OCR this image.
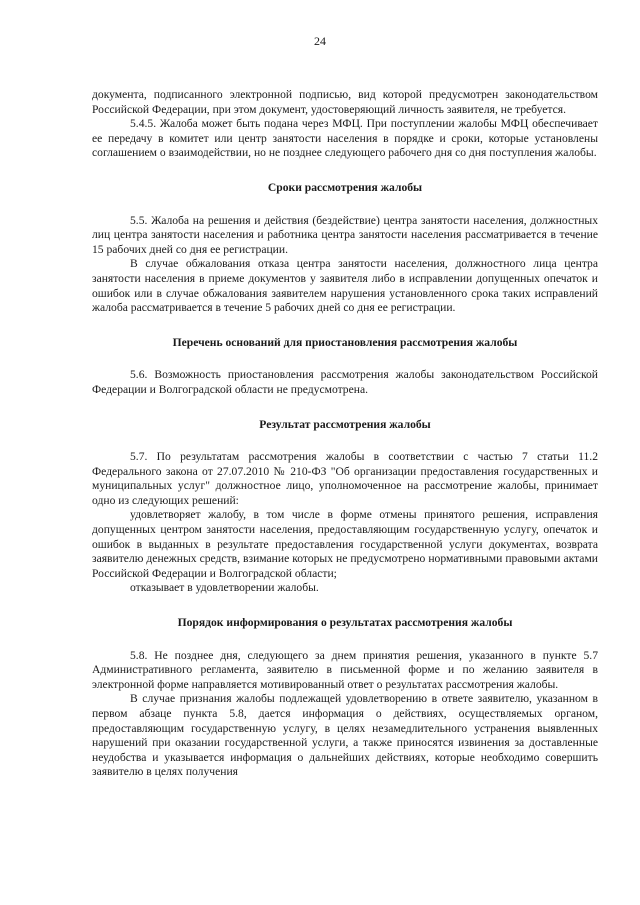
24

документа, подписанного электронной подписью, вид которой предусмотрен законодательством Российской Федерации, при этом документ, удостоверяющий личность заявителя, не требуется.

5.4.5. Жалоба может быть подана через МФЦ. При поступлении жалобы МФЦ обеспечивает ее передачу в комитет или центр занятости населения в порядке и сроки, которые установлены соглашением о взаимодействии, но не позднее следующего рабочего дня со дня поступления жалобы.

Сроки рассмотрения жалобы

5.5. Жалоба на решения и действия (бездействие) центра занятости населения, должностных лиц центра занятости населения и работника центра занятости населения рассматривается в течение 15 рабочих дней со дня ее регистрации.

В случае обжалования отказа центра занятости населения, должностного лица центра занятости населения в приеме документов у заявителя либо в исправлении допущенных опечаток и ошибок или в случае обжалования заявителем нарушения установленного срока таких исправлений жалоба рассматривается в течение 5 рабочих дней со дня ее регистрации.

Перечень оснований для приостановления рассмотрения жалобы

5.6. Возможность приостановления рассмотрения жалобы законодательством Российской Федерации и Волгоградской области не предусмотрена.

Результат рассмотрения жалобы

5.7. По результатам рассмотрения жалобы в соответствии с частью 7 статьи 11.2 Федерального закона от 27.07.2010 № 210-ФЗ "Об организации предоставления государственных и муниципальных услуг" должностное лицо, уполномоченное на рассмотрение жалобы, принимает одно из следующих решений:

удовлетворяет жалобу, в том числе в форме отмены принятого решения, исправления допущенных центром занятости населения, предоставляющим государственную услугу, опечаток и ошибок в выданных в результате предоставления государственной услуги документах, возврата заявителю денежных средств, взимание которых не предусмотрено нормативными правовыми актами Российской Федерации и Волгоградской области;

отказывает в удовлетворении жалобы.

Порядок информирования о результатах рассмотрения жалобы

5.8. Не позднее дня, следующего за днем принятия решения, указанного в пункте 5.7 Административного регламента, заявителю в письменной форме и по желанию заявителя в электронной форме направляется мотивированный ответ о результатах рассмотрения жалобы.

В случае признания жалобы подлежащей удовлетворению в ответе заявителю, указанном в первом абзаце пункта 5.8, дается информация о действиях, осуществляемых органом, предоставляющим государственную услугу, в целях незамедлительного устранения выявленных нарушений при оказании государственной услуги, а также приносятся извинения за доставленные неудобства и указывается информация о дальнейших действиях, которые необходимо совершить заявителю в целях получения
